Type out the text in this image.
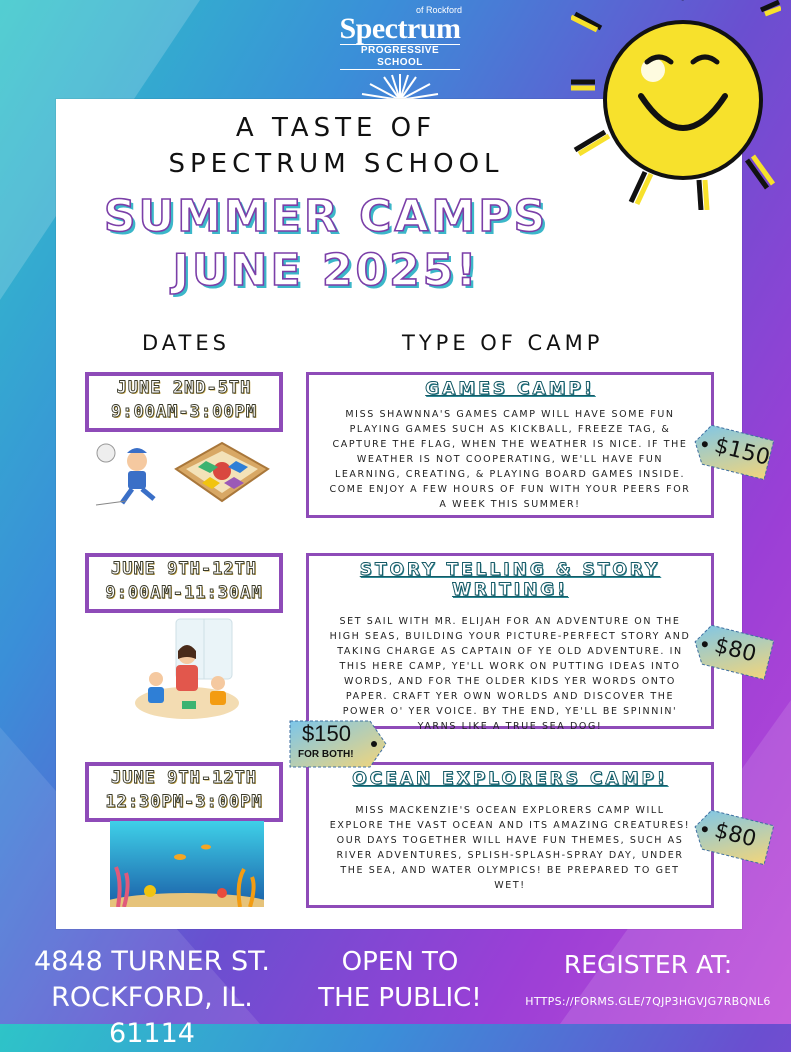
of Rockford
Spectrum
PROGRESSIVE SCHOOL
A TASTE OF
SPECTRUM SCHOOL
SUMMER CAMPS
JUNE 2025!
DATES	TYPE OF CAMP
JUNE 2ND-5TH
9:00AM-3:00PM
GAMES CAMP!
MISS SHAWNNA'S GAMES CAMP WILL HAVE SOME FUN PLAYING GAMES SUCH AS KICKBALL, FREEZE TAG, & CAPTURE THE FLAG, WHEN THE WEATHER IS NICE. IF THE WEATHER IS NOT COOPERATING, WE'LL HAVE FUN LEARNING, CREATING, & PLAYING BOARD GAMES INSIDE. COME ENJOY A FEW HOURS OF FUN WITH YOUR PEERS FOR A WEEK THIS SUMMER!
JUNE 9TH-12TH
9:00AM-11:30AM
STORY TELLING & STORY WRITING!
SET SAIL WITH MR. ELIJAH FOR AN ADVENTURE ON THE HIGH SEAS, BUILDING YOUR PICTURE-PERFECT STORY AND TAKING CHARGE AS CAPTAIN OF YE OLD ADVENTURE. IN THIS HERE CAMP, YE'LL WORK ON PUTTING IDEAS INTO WORDS, AND FOR THE OLDER KIDS YER WORDS ONTO PAPER. CRAFT YER OWN WORLDS AND DISCOVER THE POWER O' YER VOICE. BY THE END, YE'LL BE SPINNIN' YARNS LIKE A TRUE SEA DOG!
JUNE 9TH-12TH
12:30PM-3:00PM
OCEAN EXPLORERS CAMP!
MISS MACKENZIE'S OCEAN EXPLORERS CAMP WILL EXPLORE THE VAST OCEAN AND ITS AMAZING CREATURES! OUR DAYS TOGETHER WILL HAVE FUN THEMES, SUCH AS RIVER ADVENTURES, SPLISH-SPLASH-SPRAY DAY, UNDER THE SEA, AND WATER OLYMPICS! BE PREPARED TO GET WET!
$150
$80
$80
$150
FOR BOTH!
4848 TURNER ST.
ROCKFORD, IL. 61114
OPEN TO
THE PUBLIC!
REGISTER AT:
HTTPS://FORMS.GLE/7QJP3HGVJG7RBQNL6
